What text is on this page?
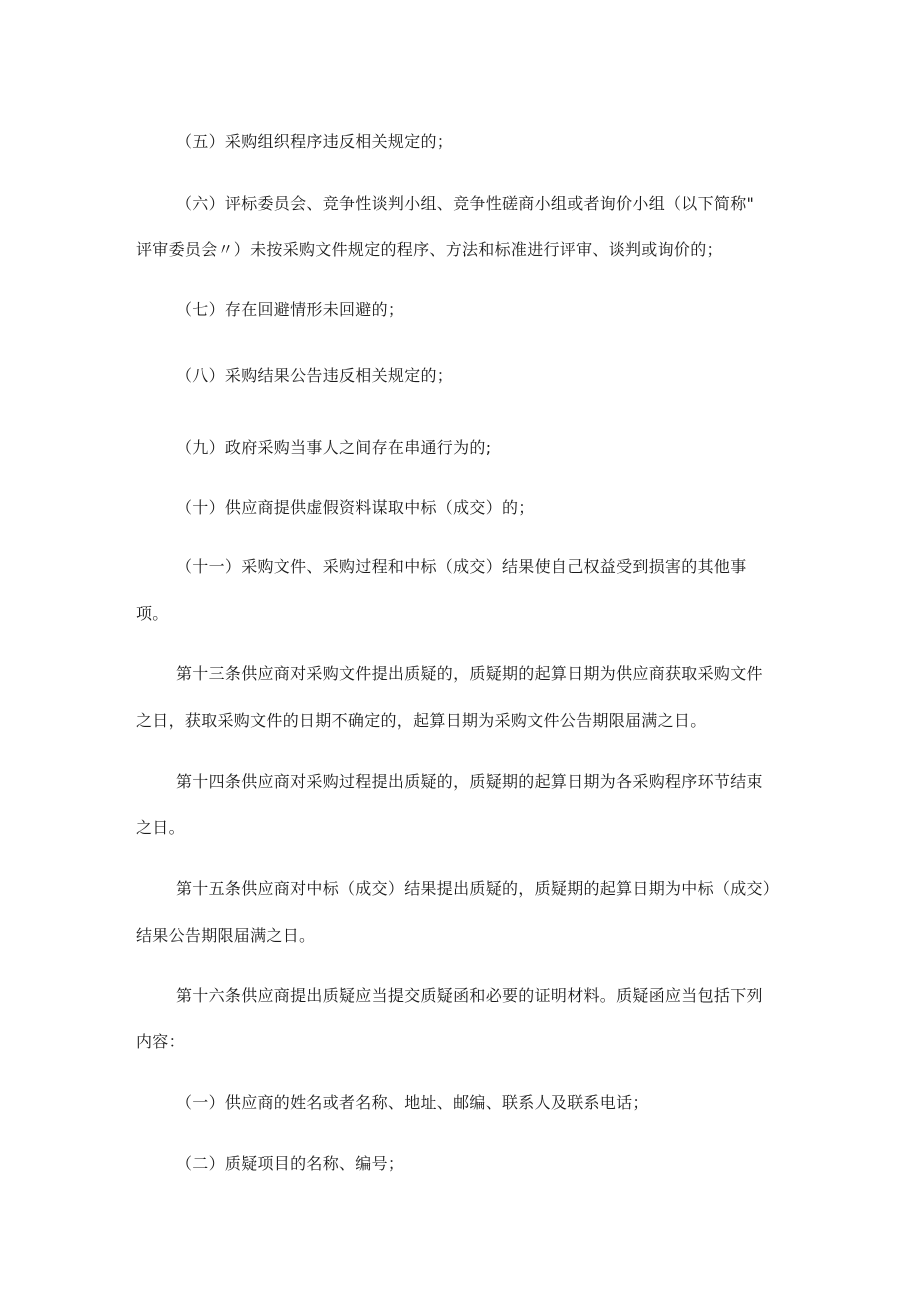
（五）采购组织程序违反相关规定的；
（六）评标委员会、竞争性谈判小组、竞争性磋商小组或者询价小组（以下简称"
评审委员会〃）未按采购文件规定的程序、方法和标准进行评审、谈判或询价的；
（七）存在回避情形未回避的；
（八）采购结果公告违反相关规定的；
（九）政府采购当事人之间存在串通行为的;
（十）供应商提供虚假资料谋取中标（成交）的；
（十一）采购文件、采购过程和中标（成交）结果使自己权益受到损害的其他事
项。
第十三条供应商对采购文件提出质疑的，质疑期的起算日期为供应商获取采购文件
之日，获取采购文件的日期不确定的，起算日期为采购文件公告期限届满之日。
第十四条供应商对采购过程提出质疑的，质疑期的起算日期为各采购程序环节结束
之日。
第十五条供应商对中标（成交）结果提出质疑的，质疑期的起算日期为中标（成交）
结果公告期限届满之日。
第十六条供应商提出质疑应当提交质疑函和必要的证明材料。质疑函应当包括下列
内容：
（一）供应商的姓名或者名称、地址、邮编、联系人及联系电话；
（二）质疑项目的名称、编号；
